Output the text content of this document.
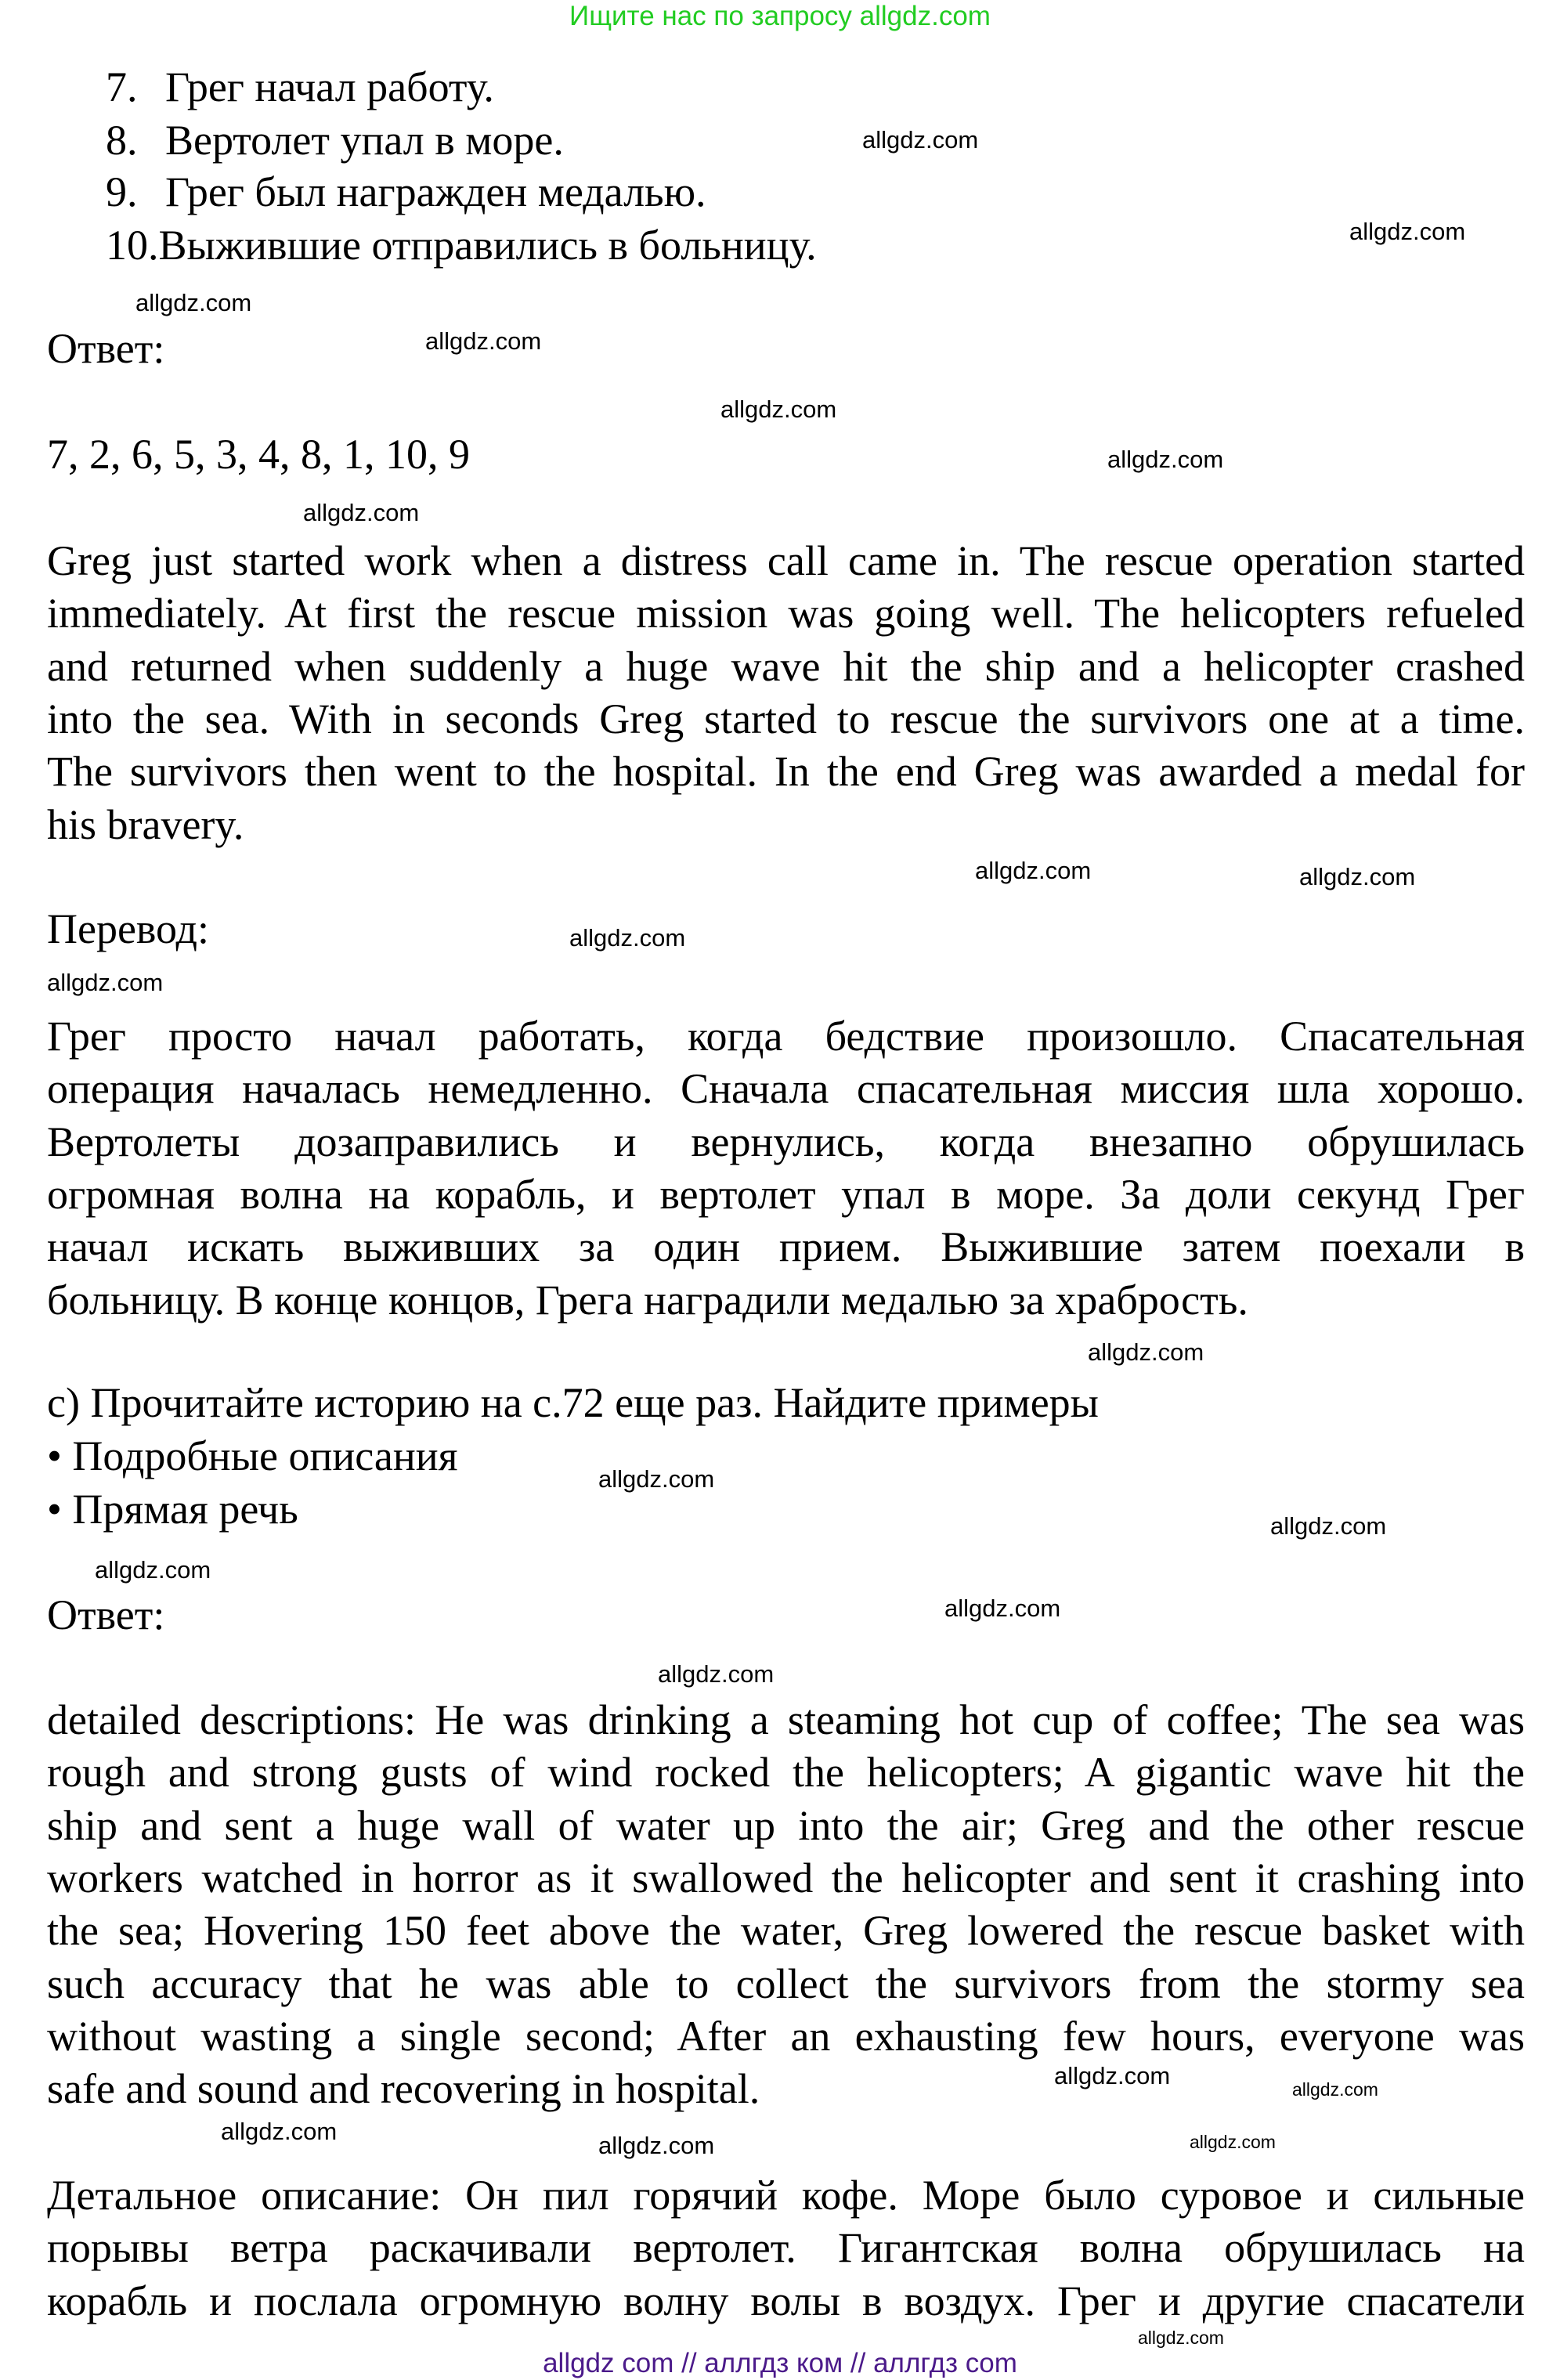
Ищите нас по запросу allgdz.com
7. Грег начал работу.
8. Вертолет упал в море.
9. Грег был награжден медалью.
10.Выжившие отправились в больницу.
Ответ:
7, 2, 6, 5, 3, 4, 8, 1, 10, 9
Greg just started work when a distress call came in. The rescue operation started
immediately. At first the rescue mission was going well. The helicopters refueled
and returned when suddenly a huge wave hit the ship and a helicopter crashed
into the sea. With in seconds Greg started to rescue the survivors one at a time.
The survivors then went to the hospital. In the end Greg was awarded a medal for
his bravery.
Перевод:
Грег просто начал работать, когда бедствие произошло. Спасательная
операция началась немедленно. Сначала спасательная миссия шла хорошо.
Вертолеты дозаправились и вернулись, когда внезапно обрушилась
огромная волна на корабль, и вертолет упал в море. За доли секунд Грег
начал искать выживших за один прием. Выжившие затем поехали в
больницу. В конце концов, Грега наградили медалью за храбрость.
c) Прочитайте историю на с.72 еще раз. Найдите примеры
• Подробные описания
• Прямая речь
Ответ:
detailed descriptions: He was drinking a steaming hot cup of coffee; The sea was
rough and strong gusts of wind rocked the helicopters; A gigantic wave hit the
ship and sent a huge wall of water up into the air; Greg and the other rescue
workers watched in horror as it swallowed the helicopter and sent it crashing into
the sea; Hovering 150 feet above the water, Greg lowered the rescue basket with
such accuracy that he was able to collect the survivors from the stormy sea
without wasting a single second; After an exhausting few hours, everyone was
safe and sound and recovering in hospital.
Детальное описание: Он пил горячий кофе. Море было суровое и сильные
порывы ветра раскачивали вертолет. Гигантская волна обрушилась на
корабль и послала огромную волну волы в воздух. Грег и другие спасатели
allgdz.com
allgdz.com
allgdz.com
allgdz.com
allgdz.com
allgdz.com
allgdz.com
allgdz.com
allgdz.com
allgdz.com
allgdz.com
allgdz.com
allgdz.com
allgdz.com
allgdz.com
allgdz.com
allgdz.com
allgdz.com
allgdz.com
allgdz.com
allgdz.com
allgdz.com
allgdz.com
allgdz com // аллгдз ком // аллгдз com
